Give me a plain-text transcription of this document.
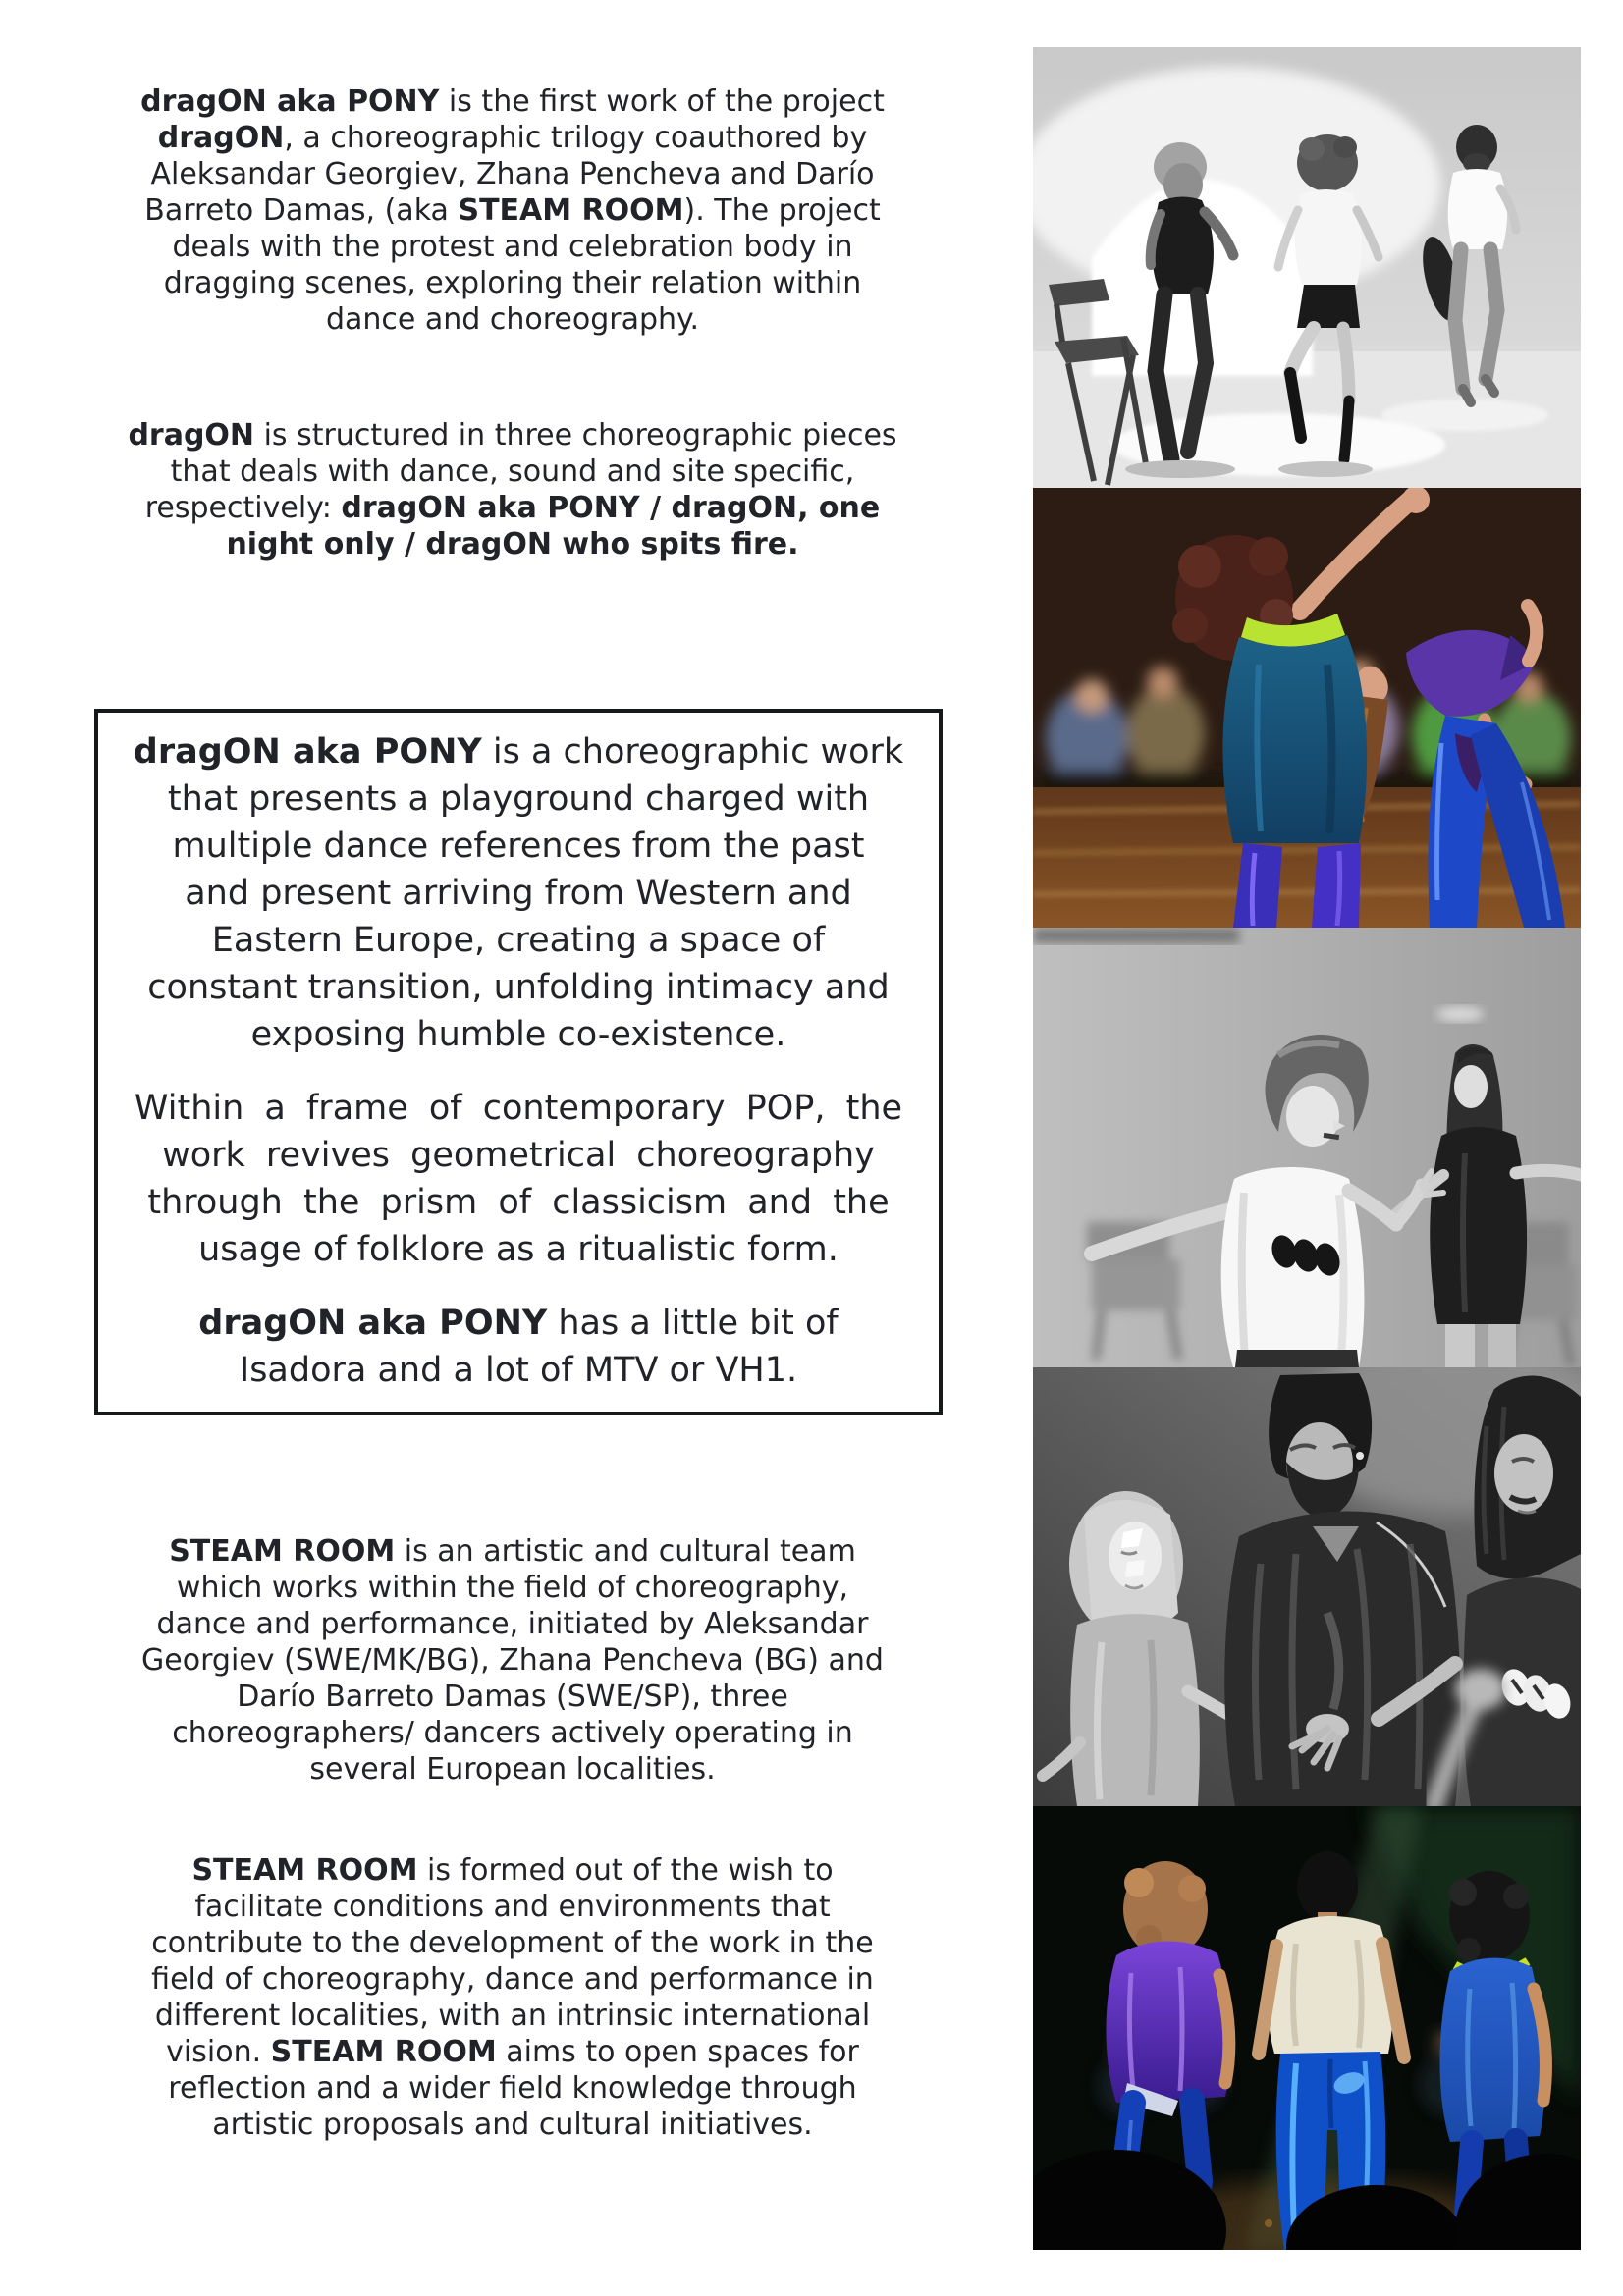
dragON aka PONY is the first work of the project
dragON, a choreographic trilogy coauthored by
Aleksandar Georgiev, Zhana Pencheva and Darío
Barreto Damas, (aka STEAM ROOM). The project
deals with the protest and celebration body in
dragging scenes, exploring their relation within
dance and choreography.
dragON is structured in three choreographic pieces
that deals with dance, sound and site specific,
respectively: dragON aka PONY / dragON, one
night only / dragON who spits fire.
dragON aka PONY is a choreographic work
that presents a playground charged with
multiple dance references from the past
and present arriving from Western and
Eastern Europe, creating a space of
constant transition, unfolding intimacy and
exposing humble co-existence.
Within a frame of contemporary POP, the
work revives geometrical choreography
through the prism of classicism and the
usage of folklore as a ritualistic form.
dragON aka PONY has a little bit of
Isadora and a lot of MTV or VH1.
STEAM ROOM is an artistic and cultural team
which works within the field of choreography,
dance and performance, initiated by Aleksandar
Georgiev (SWE/MK/BG), Zhana Pencheva (BG) and
Darío Barreto Damas (SWE/SP), three
choreographers/ dancers actively operating in
several European localities.
STEAM ROOM is formed out of the wish to
facilitate conditions and environments that
contribute to the development of the work in the
field of choreography, dance and performance in
different localities, with an intrinsic international
vision. STEAM ROOM aims to open spaces for
reflection and a wider field knowledge through
artistic proposals and cultural initiatives.
